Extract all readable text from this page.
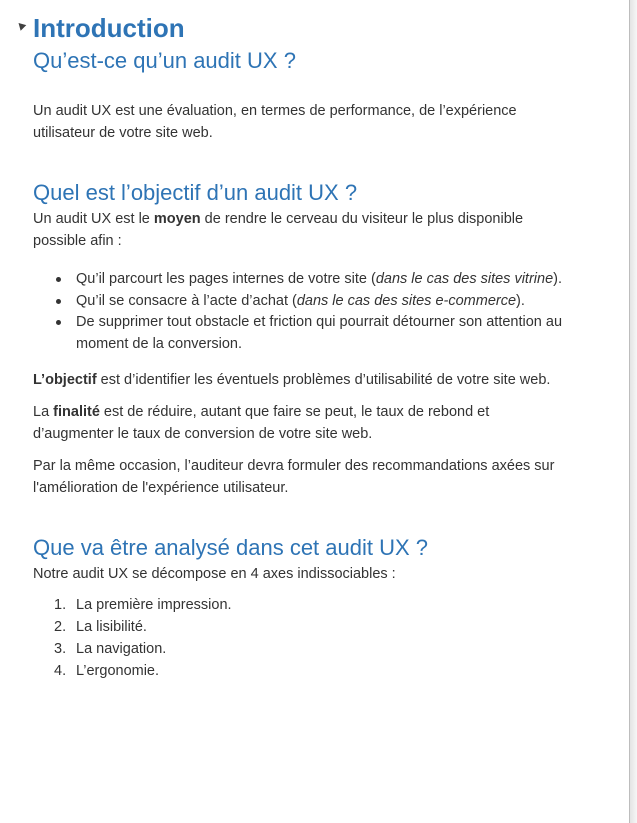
Introduction
Qu’est-ce qu’un audit UX ?

Un audit UX est une évaluation, en termes de performance, de l’expérience utilisateur de votre site web.

Quel est l’objectif d’un audit UX ?

Un audit UX est le moyen de rendre le cerveau du visiteur le plus disponible possible afin :

Qu’il parcourt les pages internes de votre site (dans le cas des sites vitrine).
Qu’il se consacre à l’acte d’achat (dans le cas des sites e-commerce).
De supprimer tout obstacle et friction qui pourrait détourner son attention au moment de la conversion.

L’objectif est d’identifier les éventuels problèmes d’utilisabilité de votre site web.

La finalité est de réduire, autant que faire se peut, le taux de rebond et d’augmenter le taux de conversion de votre site web.

Par la même occasion, l’auditeur devra formuler des recommandations axées sur l'amélioration de l'expérience utilisateur.

Que va être analysé dans cet audit UX ?

Notre audit UX se décompose en 4 axes indissociables :

1. La première impression.
2. La lisibilité.
3. La navigation.
4. L’ergonomie.
